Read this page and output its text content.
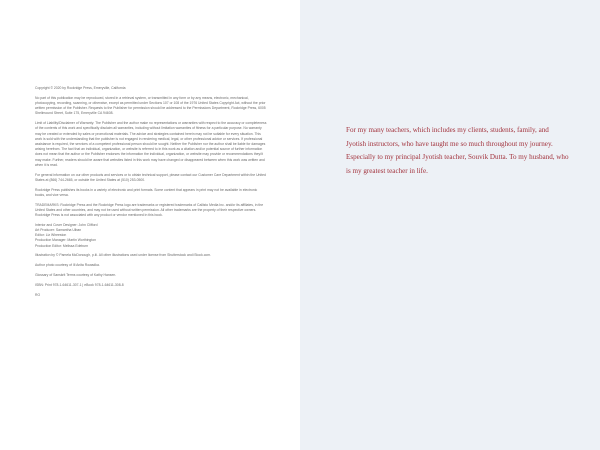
Copyright © 2020 by Rockridge Press, Emeryville, California

No part of this publication may be reproduced, stored in a retrieval system, or transmitted in any form or by any means, electronic, mechanical, photocopying, recording, scanning, or otherwise, except as permitted under Sections 107 or 108 of the 1976 United States Copyright Act, without the prior written permission of the Publisher. Requests to the Publisher for permission should be addressed to the Permissions Department, Rockridge Press, 6005 Shellmound Street, Suite 175, Emeryville CA 94608.

Limit of Liability/Disclaimer of Warranty: The Publisher and the author make no representations or warranties with respect to the accuracy or completeness of the contents of this work and specifically disclaim all warranties, including without limitation warranties of fitness for a particular purpose. No warranty may be created or extended by sales or promotional materials. The advice and strategies contained herein may not be suitable for every situation. This work is sold with the understanding that the publisher is not engaged in rendering medical, legal, or other professional advice or services. If professional assistance is required, the services of a competent professional person should be sought. Neither the Publisher nor the author shall be liable for damages arising herefrom. The fact that an individual, organization, or website is referred to in this work as a citation and/or potential source of further information does not mean that the author or the Publisher endorses the information the individual, organization, or website may provide or recommendations they/it may make. Further, readers should be aware that websites listed in this work may have changed or disappeared between when this work was written and when it is read.

For general information on our other products and services or to obtain technical support, please contact our Customer Care Department within the United States at (866) 744-2665, or outside the United States at (510) 253-0500.

Rockridge Press publishes its books in a variety of electronic and print formats. Some content that appears in print may not be available in electronic books, and vice versa.

TRADEMARKS: Rockridge Press and the Rockridge Press logo are trademarks or registered trademarks of Callisto Media Inc. and/or its affiliates, in the United States and other countries, and may not be used without written permission. All other trademarks are the property of their respective owners. Rockridge Press is not associated with any product or vendor mentioned in this book.

Interior and Cover Designer: John Clifford

Art Producer: Samantha Ulban

Editor: Liz Wheeston

Production Manager: Martin Worthington

Production Editor: Melissa Edeburn

Illustration by © Pamela McDonough, p.iii. All other illustrations used under license from Shutterstock and iStock.com.

Author photo courtesy of Ill Anita Rowadka.

Glossary of Sanskrit Terms courtesy of Kathy Hansen.

ISBN: Print 978-1-64611-307-1 | eBook 978-1-64611-308-8

RO

For my many teachers, which includes my clients, students, family, and Jyotish instructors, who have taught me so much throughout my journey. Especially to my principal Jyotish teacher, Souvik Dutta. To my husband, who is my greatest teacher in life.
